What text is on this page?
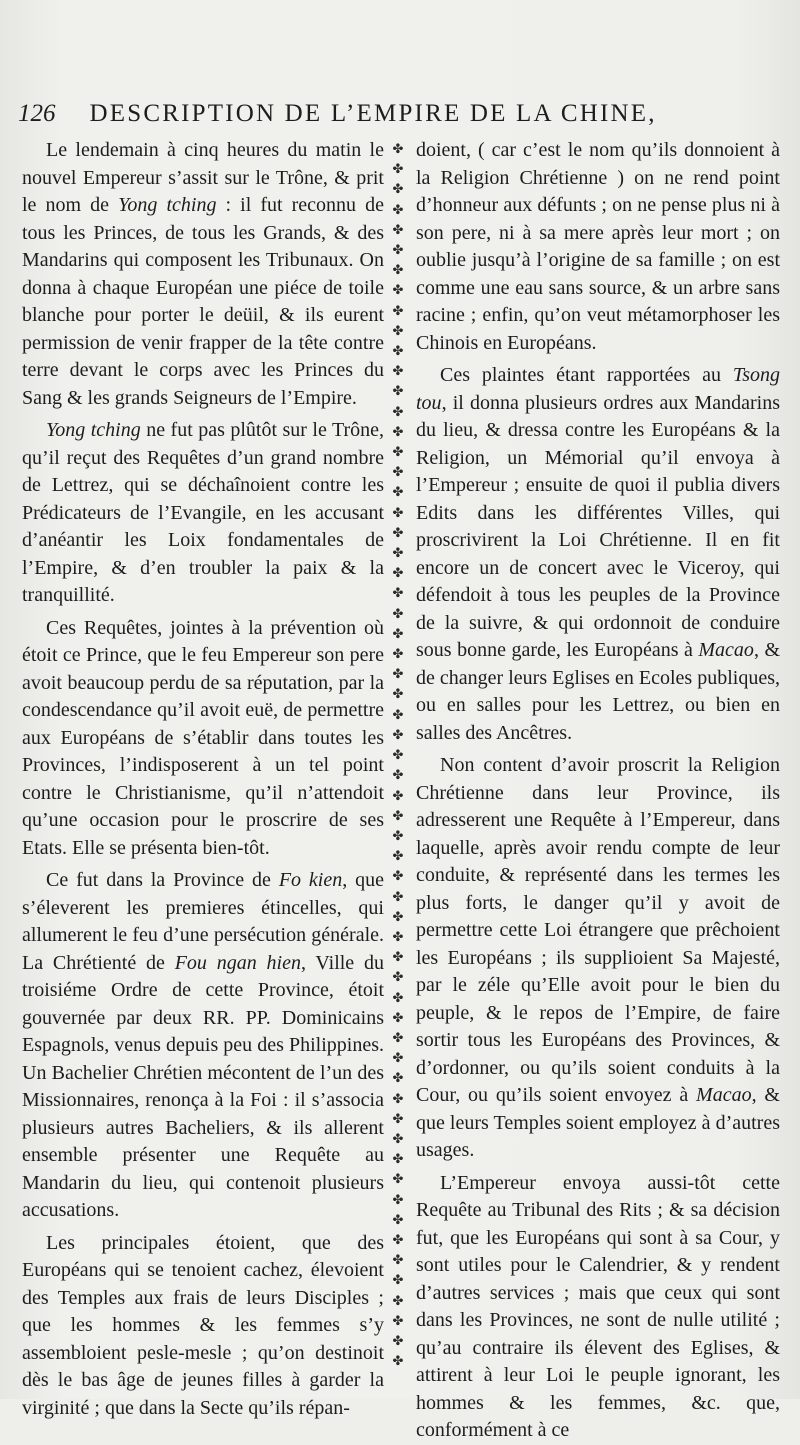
126 DESCRIPTION DE L’EMPIRE DE LA CHINE,

Le lendemain à cinq heures du matin le nouvel Empereur s’assit sur le Trône, & prit le nom de Yong tching : il fut reconnu de tous les Princes, de tous les Grands, & des Mandarins qui composent les Tribunaux. On donna à chaque Européan une piéce de toile blanche pour porter le deüil, & ils eurent permission de venir frapper de la tête contre terre devant le corps avec les Princes du Sang & les grands Seigneurs de l’Empire.

Yong tching ne fut pas plûtôt sur le Trône, qu’il reçut des Requêtes d’un grand nombre de Lettrez, qui se déchaînoient contre les Prédicateurs de l’Evangile, en les accusant d’anéantir les Loix fondamentales de l’Empire, & d’en troubler la paix & la tranquillité.

Ces Requêtes, jointes à la prévention où étoit ce Prince, que le feu Empereur son pere avoit beaucoup perdu de sa réputation, par la condescendance qu’il avoit euë, de permettre aux Européans de s’établir dans toutes les Provinces, l’indisposerent à un tel point contre le Christianisme, qu’il n’attendoit qu’une occasion pour le proscrire de ses Etats. Elle se présenta bien-tôt.

Ce fut dans la Province de Fo kien, que s’éleverent les premieres étincelles, qui allumerent le feu d’une persécution générale. La Chrétienté de Fou ngan hien, Ville du troisiéme Ordre de cette Province, étoit gouvernée par deux RR. PP. Dominicains Espagnols, venus depuis peu des Philippines. Un Bachelier Chrétien mécontent de l’un des Missionnaires, renonça à la Foi : il s’associa plusieurs autres Bacheliers, & ils allerent ensemble présenter une Requête au Mandarin du lieu, qui contenoit plusieurs accusations.

Les principales étoient, que des Européans qui se tenoient cachez, élevoient des Temples aux frais de leurs Disciples ; que les hommes & les femmes s’y assembloient pesle-mesle ; qu’on destinoit dès le bas âge de jeunes filles à garder la virginité ; que dans la Secte qu’ils répan-

✤
✤
✤
✤
✤
✤
✤
✤
✤
✤
✤
✤
✤
✤
✤
✤
✤
✤
✤
✤
✤
✤
✤
✤
✤
✤
✤
✤
✤
✤
✤
✤
✤
✤
✤
✤
✤
✤
✤
✤
✤
✤
✤
✤
✤
✤
✤
✤
✤
✤
✤
✤
✤
✤
✤
✤
✤
✤
✤
✤
✤

doient, ( car c’est le nom qu’ils donnoient à la Religion Chrétienne ) on ne rend point d’honneur aux défunts ; on ne pense plus ni à son pere, ni à sa mere après leur mort ; on oublie jusqu’à l’origine de sa famille ; on est comme une eau sans source, & un arbre sans racine ; enfin, qu’on veut métamorphoser les Chinois en Européans.

Ces plaintes étant rapportées au Tsong tou, il donna plusieurs ordres aux Mandarins du lieu, & dressa contre les Européans & la Religion, un Mémorial qu’il envoya à l’Empereur ; ensuite de quoi il publia divers Edits dans les différentes Villes, qui proscrivirent la Loi Chrétienne. Il en fit encore un de concert avec le Viceroy, qui défendoit à tous les peuples de la Province de la suivre, & qui ordonnoit de conduire sous bonne garde, les Européans à Macao, & de changer leurs Eglises en Ecoles publiques, ou en salles pour les Lettrez, ou bien en salles des Ancêtres.

Non content d’avoir proscrit la Religion Chrétienne dans leur Province, ils adresserent une Requête à l’Empereur, dans laquelle, après avoir rendu compte de leur conduite, & représenté dans les termes les plus forts, le danger qu’il y avoit de permettre cette Loi étrangere que prêchoient les Européans ; ils supplioient Sa Majesté, par le zéle qu’Elle avoit pour le bien du peuple, & le repos de l’Empire, de faire sortir tous les Européans des Provinces, & d’ordonner, ou qu’ils soient conduits à la Cour, ou qu’ils soient envoyez à Macao, & que leurs Temples soient employez à d’autres usages.

L’Empereur envoya aussi-tôt cette Requête au Tribunal des Rits ; & sa décision fut, que les Européans qui sont à sa Cour, y sont utiles pour le Calendrier, & y rendent d’autres services ; mais que ceux qui sont dans les Provinces, ne sont de nulle utilité ; qu’au contraire ils élevent des Eglises, & attirent à leur Loi le peuple ignorant, les hommes & les femmes, &c. que, conformément à ce
